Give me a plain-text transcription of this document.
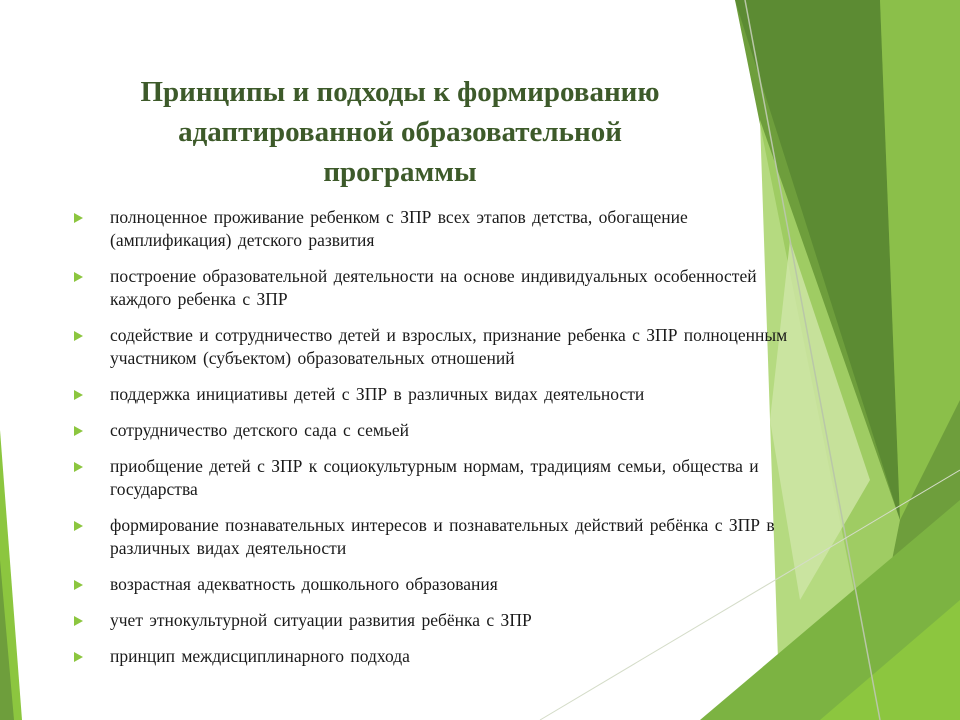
Принципы и подходы к формированию
адаптированной образовательной
программы
полноценное проживание ребенком с ЗПР всех этапов детства, обогащение (амплификация) детского развития
построение образовательной деятельности на основе индивидуальных особенностей каждого ребенка с ЗПР
содействие и сотрудничество детей и взрослых, признание ребенка с ЗПР полноценным участником (субъектом) образовательных отношений
поддержка инициативы детей с ЗПР в различных видах деятельности
сотрудничество детского сада с семьей
приобщение детей с ЗПР к социокультурным нормам, традициям семьи, общества и государства
формирование познавательных интересов и познавательных действий ребёнка с ЗПР в различных видах деятельности
возрастная адекватность дошкольного образования
учет этнокультурной ситуации развития ребёнка с ЗПР
принцип междисциплинарного подхода
